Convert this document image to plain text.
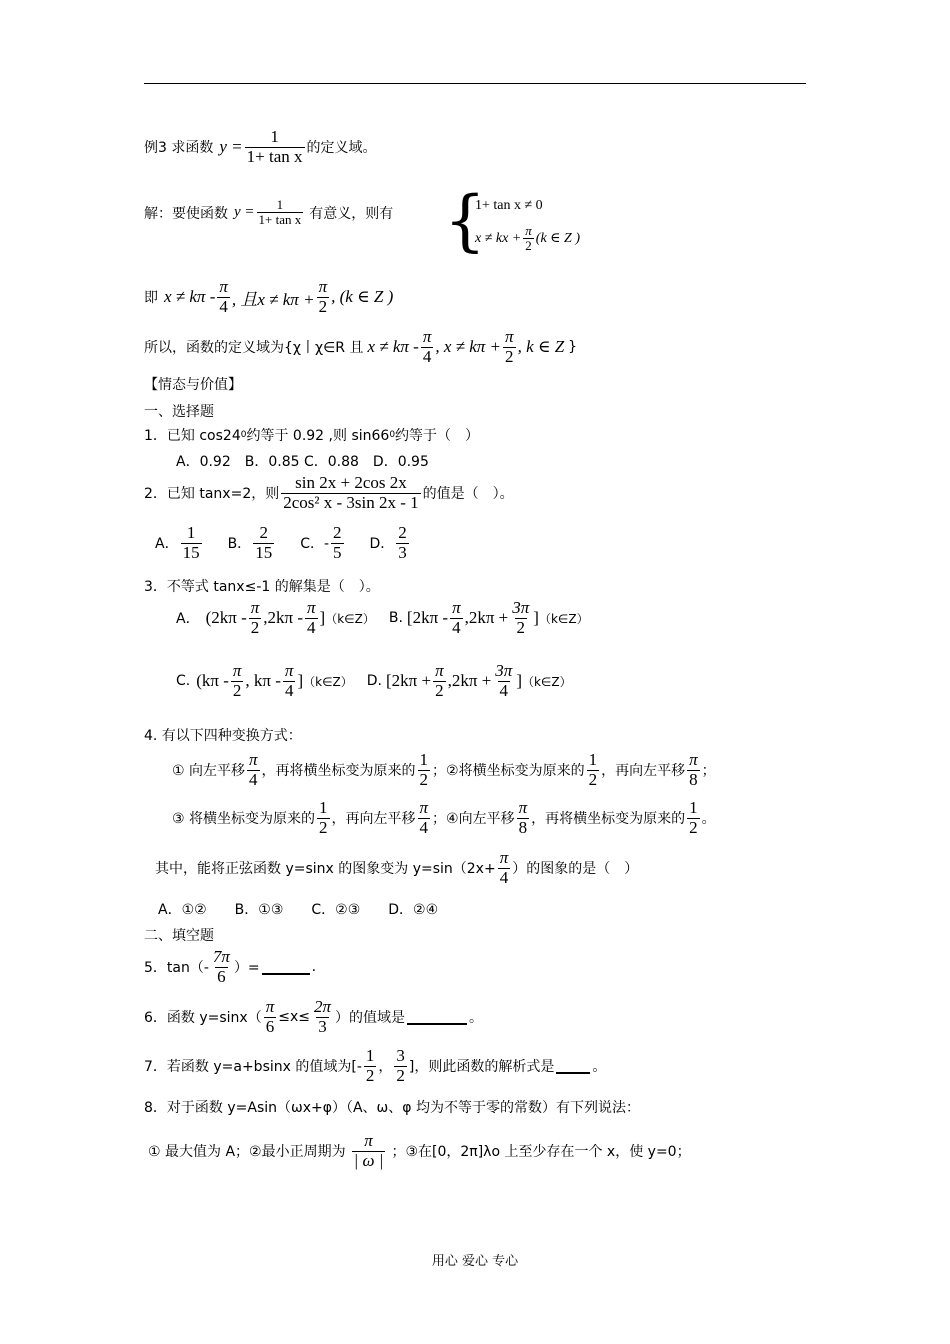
例3 求函数 $y = \frac{1}{\text{1+ tan x}}$ 的定义域。
解：要使函数 $y = \frac{1}{\text{1+ tan x}}$ 有意义，则有 {
1+ tan x ≠ 0
x ≠ kx + $\frac{\pi}{2} (k$ ∈ Z )
即 $x \ne k\pi - \frac{\pi}{4}$ , 且$x \ne k\pi + \frac{\pi}{2}$ , (k ∈ Z )
所以，函数的定义域为{χ丨χ∈R 且 $x \ne k\pi - \frac{\pi}{4}$ , $x \ne k\pi + \frac{\pi}{2}$ , k ∈ Z }
【情态与价值】
一、选择题
1．已知 cos24 0 约等于 0.92 ,则 sin66 0 约等于（　）
A．0.92　B．0.85 C．0.88　D．0.95
2．已知 tanx=2，则 $\frac{\sin 2x + 2\cos 2x}{\text{2cos² x - 3sin 2x - 1}}$ 的值是（　）。
A． $\frac{1}{15}$ B． $\frac{2}{15}$ C．- $\frac{2}{5}$ D． $\frac{2}{3}$
3．不等式 tanx≤-1 的解集是（　）。
A． ($2k\pi - \frac{\pi}{2} ,2k\pi - \frac{\pi}{4}$ ] （k∈Z） B. [$2k\pi - \frac{\pi}{4} ,2k\pi + \frac{3\pi}{2}$ ] （k∈Z）
C. ($k\pi - \frac{\pi}{2}$ , kπ - $\frac{\pi}{4}$ ] （k∈Z） D. [$2k\pi + \frac{\pi}{2} ,2k\pi + \frac{3\pi}{4}$ ] （k∈Z）
4. 有以下四种变换方式：
① 向左平移 $\frac{\pi}{4}$ ，再将横坐标变为原来的 $\frac{1}{2}$ ；②将横坐标变为原来的 $\frac{1}{2}$ ，再向左平移 $\frac{\pi}{8}$ ；
③ 将横坐标变为原来的 $\frac{1}{2}$ ，再向左平移 $\frac{\pi}{4}$ ；④向左平移 $\frac{\pi}{8}$ ，再将横坐标变为原来的 $\frac{1}{2}$ 。
其中，能将正弦函数 y=sinx 的图象变为 $y=\sin(2x+ \frac{\pi}{4}$ ）的图象的是（　）
A．①②　　B．①③　　C．②③　　D．②④
二、填空题
5．$\tan(- \frac{7\pi}{6}$ ）=	.
6．函数 $y=\sin x( \frac{\pi}{6} \le x\le \frac{2\pi}{3}$ ）的值域是	。
7．若函数 y=a+bsinx 的值域为[- $\frac{1}{2}$ ， $\frac{3}{2}$ ]，则此函数的解析式是	。
8．对于函数 y=Asin（ωx+φ）（A、ω、φ 均为不等于零的常数）有下列说法：
① 最大值为 A；②最小正周期为 $\frac{\pi}{| \omega |}$ ；③在[0，2π]λο 上至少存在一个 x，使 y=0；
用心 爱心 专心
